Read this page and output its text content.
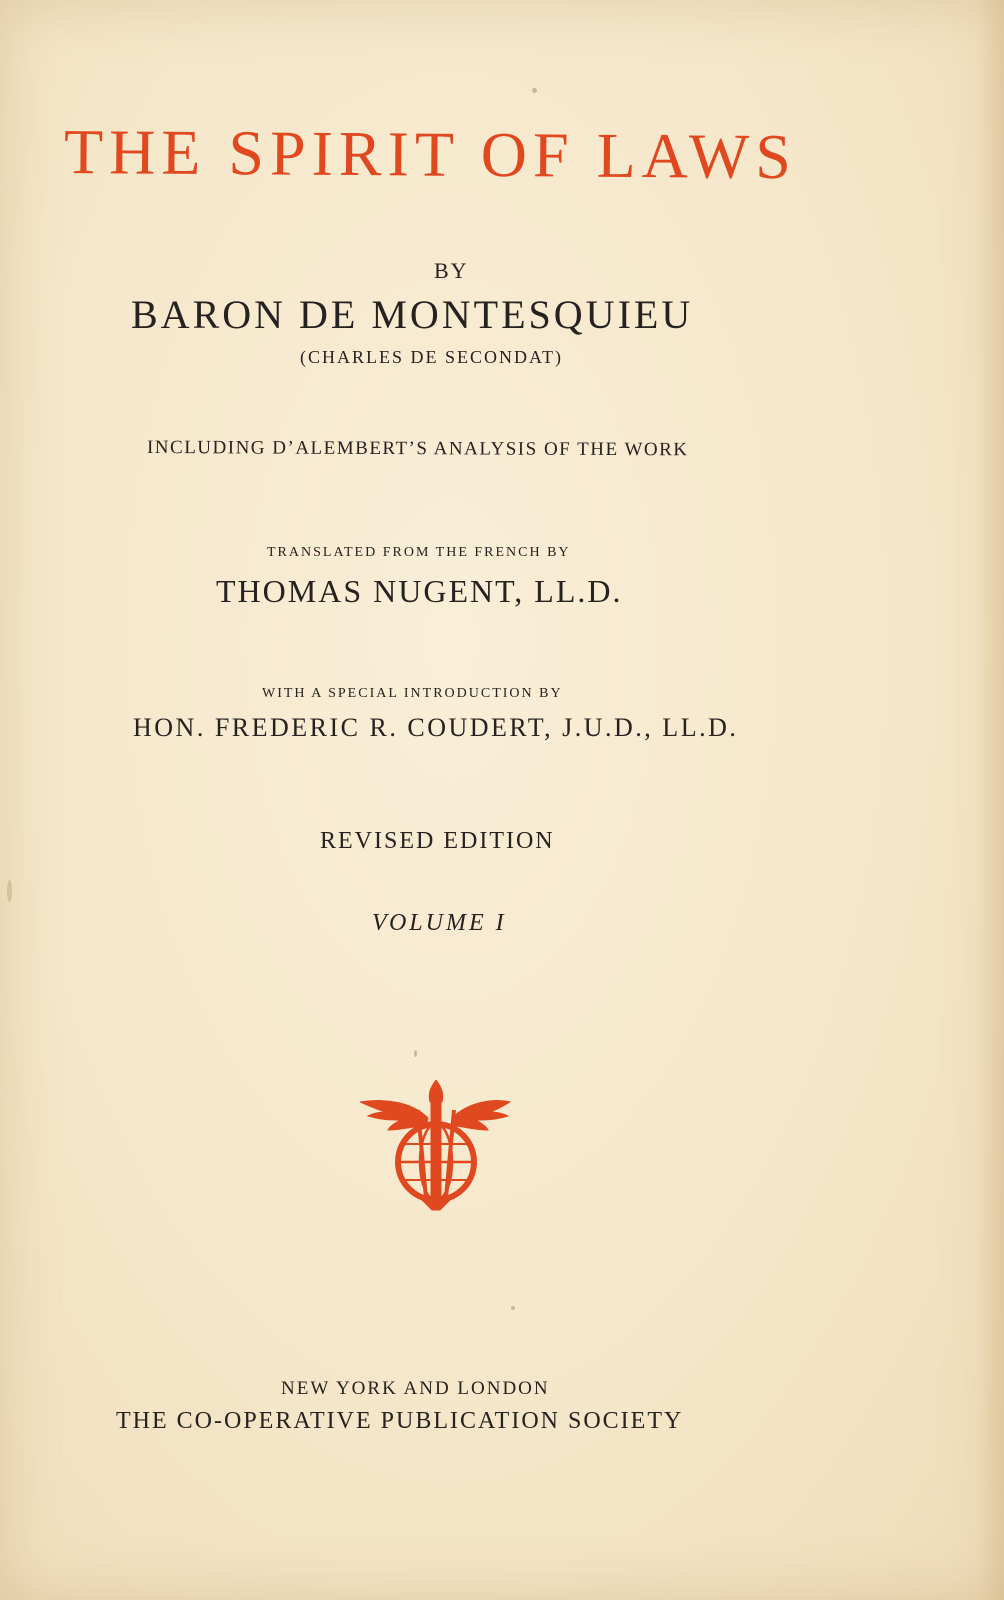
THE SPIRIT OF LAWS
BY
BARON DE MONTESQUIEU
(CHARLES DE SECONDAT)
INCLUDING D’ALEMBERT’S ANALYSIS OF THE WORK
TRANSLATED FROM THE FRENCH BY
THOMAS NUGENT, LL.D.
WITH A SPECIAL INTRODUCTION BY
HON. FREDERIC R. COUDERT, J.U.D., LL.D.
REVISED EDITION
VOLUME I
NEW YORK AND LONDON
THE CO-OPERATIVE PUBLICATION SOCIETY
